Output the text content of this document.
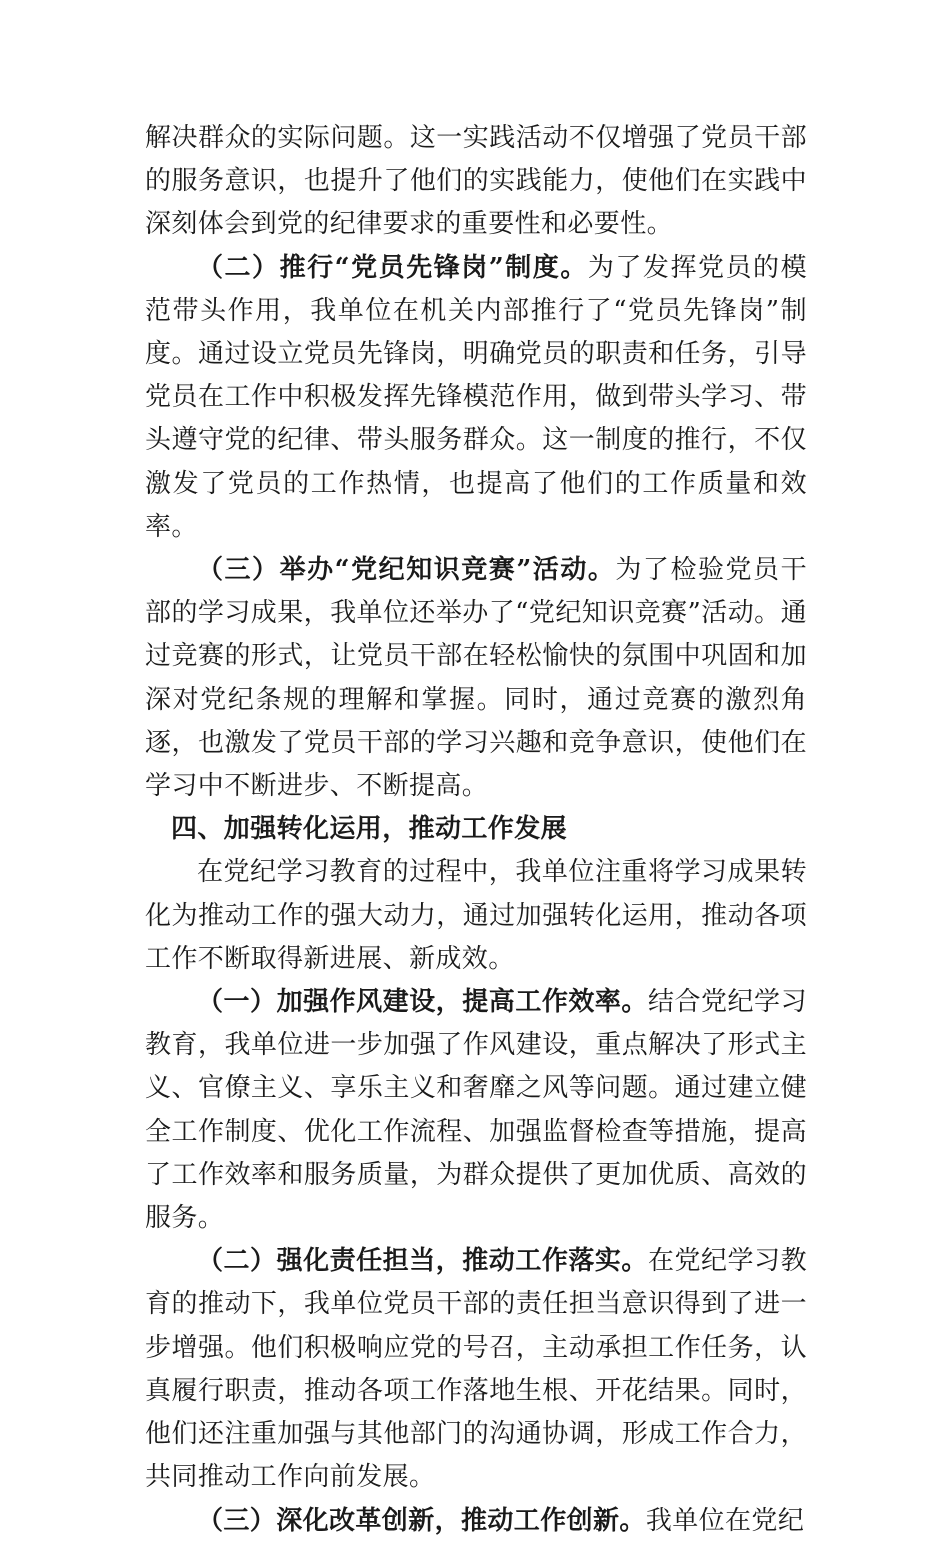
解决群众的实际问题。这一实践活动不仅增强了党员干部的服务意识，也提升了他们的实践能力，使他们在实践中深刻体会到党的纪律要求的重要性和必要性。

（二）推行“党员先锋岗”制度。为了发挥党员的模范带头作用，我单位在机关内部推行了“党员先锋岗”制度。通过设立党员先锋岗，明确党员的职责和任务，引导党员在工作中积极发挥先锋模范作用，做到带头学习、带头遵守党的纪律、带头服务群众。这一制度的推行，不仅激发了党员的工作热情，也提高了他们的工作质量和效率。

（三）举办“党纪知识竞赛”活动。为了检验党员干部的学习成果，我单位还举办了“党纪知识竞赛”活动。通过竞赛的形式，让党员干部在轻松愉快的氛围中巩固和加深对党纪条规的理解和掌握。同时，通过竞赛的激烈角逐，也激发了党员干部的学习兴趣和竞争意识，使他们在学习中不断进步、不断提高。

四、加强转化运用，推动工作发展

在党纪学习教育的过程中，我单位注重将学习成果转化为推动工作的强大动力，通过加强转化运用，推动各项工作不断取得新进展、新成效。

（一）加强作风建设，提高工作效率。结合党纪学习教育，我单位进一步加强了作风建设，重点解决了形式主义、官僚主义、享乐主义和奢靡之风等问题。通过建立健全工作制度、优化工作流程、加强监督检查等措施，提高了工作效率和服务质量，为群众提供了更加优质、高效的服务。

（二）强化责任担当，推动工作落实。在党纪学习教育的推动下，我单位党员干部的责任担当意识得到了进一步增强。他们积极响应党的号召，主动承担工作任务，认真履行职责，推动各项工作落地生根、开花结果。同时，他们还注重加强与其他部门的沟通协调，形成工作合力，共同推动工作向前发展。

（三）深化改革创新，推动工作创新。我单位在党纪
